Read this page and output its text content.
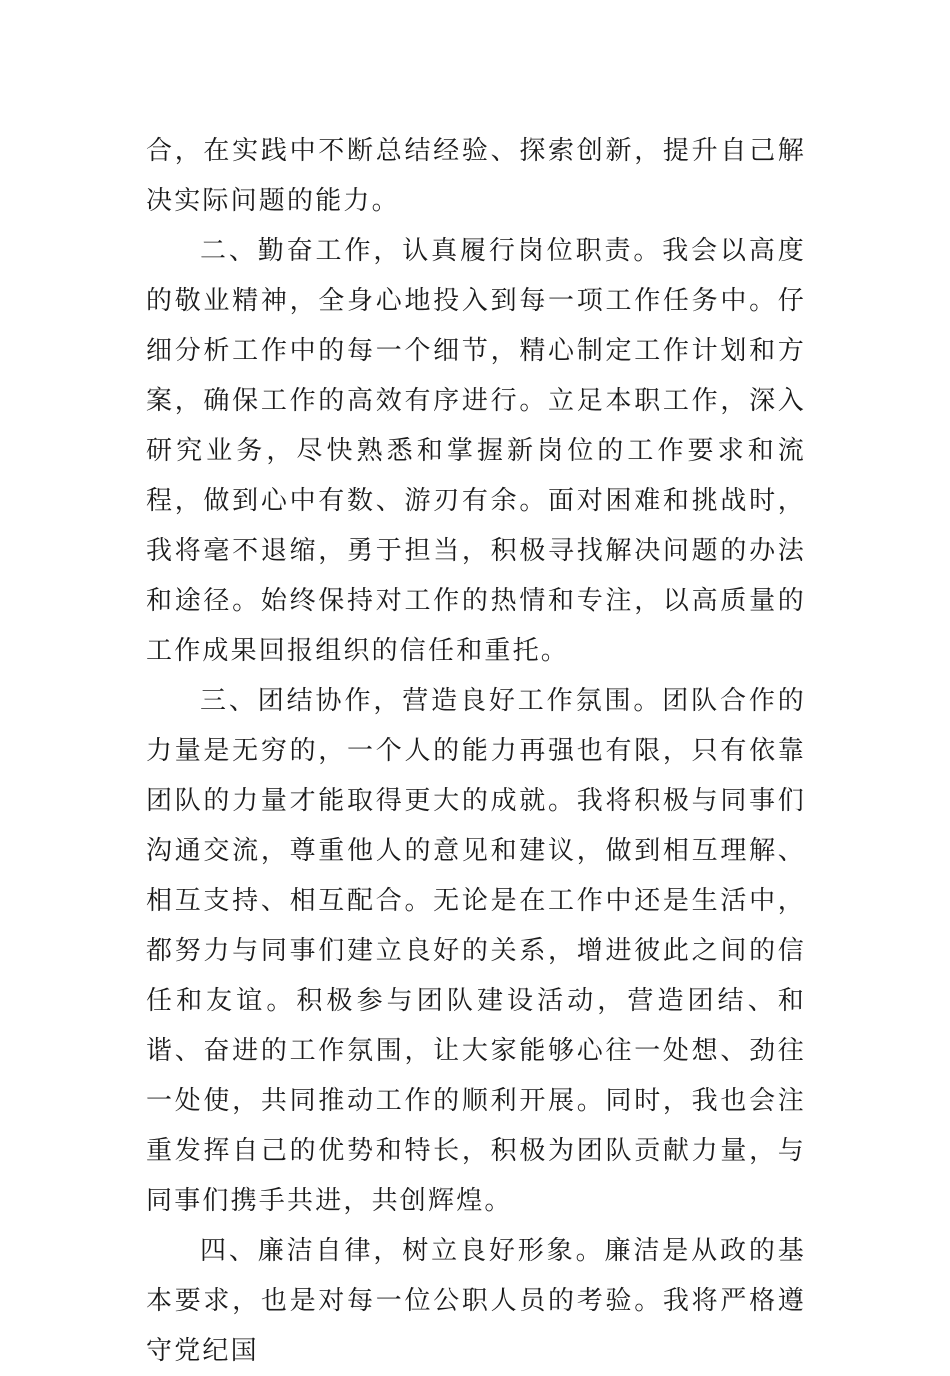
合，在实践中不断总结经验、探索创新，提升自己解决实际问题的能力。

二、勤奋工作，认真履行岗位职责。我会以高度的敬业精神，全身心地投入到每一项工作任务中。仔细分析工作中的每一个细节，精心制定工作计划和方案，确保工作的高效有序进行。立足本职工作，深入研究业务，尽快熟悉和掌握新岗位的工作要求和流程，做到心中有数、游刃有余。面对困难和挑战时，我将毫不退缩，勇于担当，积极寻找解决问题的办法和途径。始终保持对工作的热情和专注，以高质量的工作成果回报组织的信任和重托。

三、团结协作，营造良好工作氛围。团队合作的力量是无穷的，一个人的能力再强也有限，只有依靠团队的力量才能取得更大的成就。我将积极与同事们沟通交流，尊重他人的意见和建议，做到相互理解、相互支持、相互配合。无论是在工作中还是生活中，都努力与同事们建立良好的关系，增进彼此之间的信任和友谊。积极参与团队建设活动，营造团结、和谐、奋进的工作氛围，让大家能够心往一处想、劲往一处使，共同推动工作的顺利开展。同时，我也会注重发挥自己的优势和特长，积极为团队贡献力量，与同事们携手共进，共创辉煌。

四、廉洁自律，树立良好形象。廉洁是从政的基本要求，也是对每一位公职人员的考验。我将严格遵守党纪国
